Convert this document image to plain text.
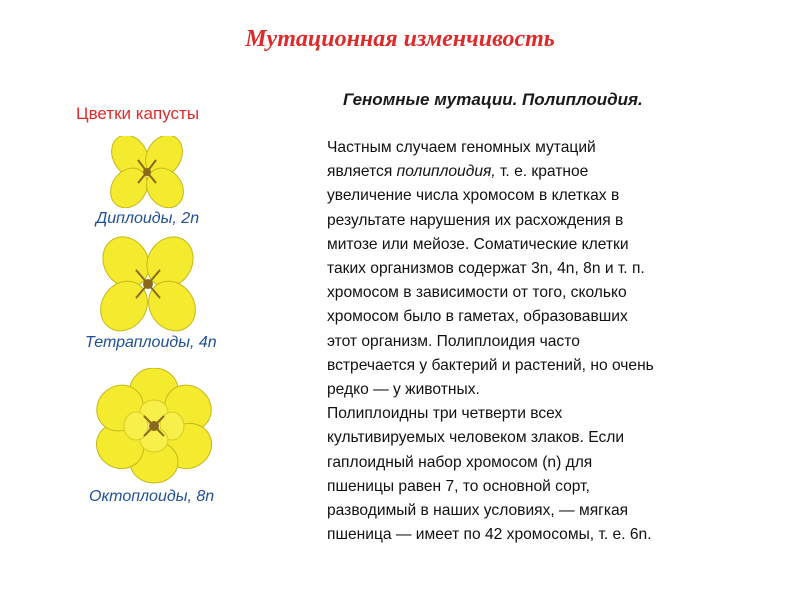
Мутационная изменчивость
Цветки капусты
Диплоиды, 2n
Тетраплоиды, 4n
Октоплоиды, 8n
Геномные мутации. Полиплоидия.
Частным случаем геномных мутаций
является полиплоидия, т. е. кратное
увеличение числа хромосом в клетках в
результате нарушения их расхождения в
митозе или мейозе. Соматические клетки
таких организмов содержат 3n, 4n, 8n и т. п.
хромосом в зависимости от того, сколько
хромосом было в гаметах, образовавших
этот организм. Полиплоидия часто
встречается у бактерий и растений, но очень
редко — у животных.
Полиплоидны три четверти всех
культивируемых человеком злаков. Если
гаплоидный набор хромосом (n) для
пшеницы равен 7, то основной сорт,
разводимый в наших условиях, — мягкая
пшеница — имеет по 42 хромосомы, т. е. 6n.
